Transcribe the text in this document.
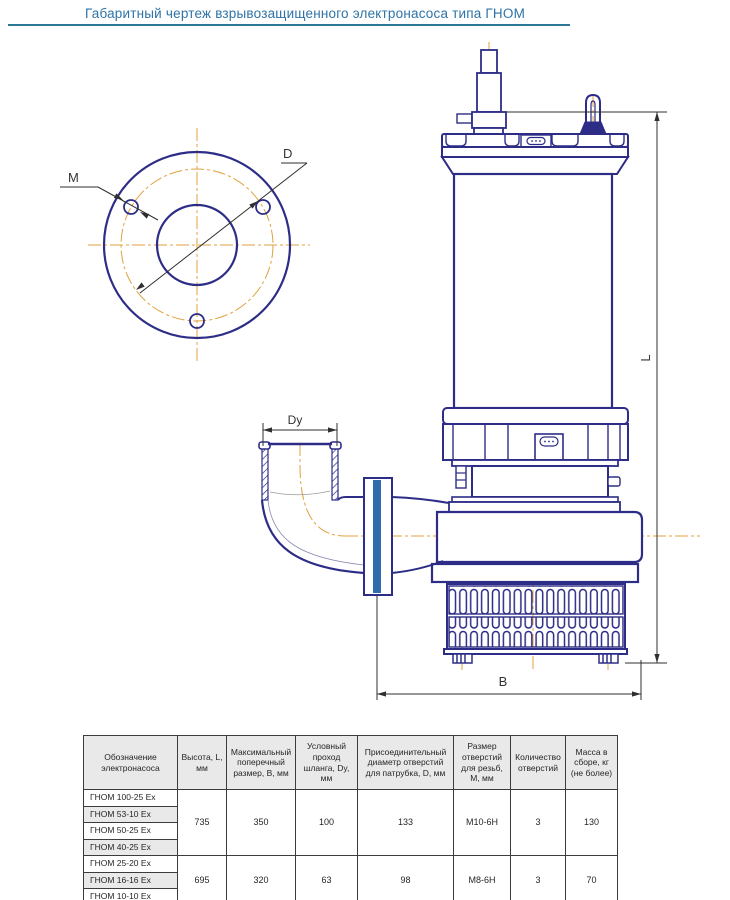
Габаритный чертеж взрывозащищенного электронасоса типа ГНОМ
M
D
L
B
Dy
Обозначение электронасоса	Высота, L, мм	Максимальный поперечный размер, В, мм	Условный проход шланга, Dy, мм	Присоединительный диаметр отверстий для патрубка, D, мм	Размер отверстий для резьб, М, мм	Количество отверстий	Масса в сборе, кг (не более)
ГНОМ 100-25 Ex	735	350	100	133	М10-6Н	3	130
ГНОМ 53-10 Ex							
ГНОМ 50-25 Ex							
ГНОМ 40-25 Ex							
ГНОМ 25-20 Ex	695	320	63	98	М8-6Н	3	70
ГНОМ 16-16 Ex							
ГНОМ 10-10 Ex							
